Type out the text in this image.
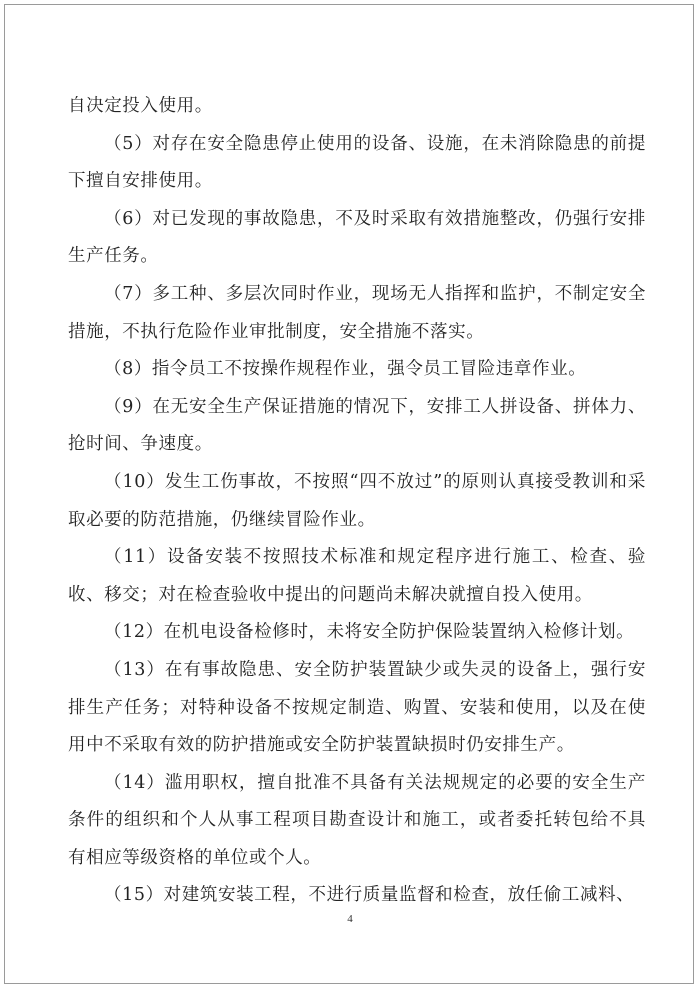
自决定投入使用。

（5）对存在安全隐患停止使用的设备、设施，在未消除隐患的前提下擅自安排使用。

（6）对已发现的事故隐患，不及时采取有效措施整改，仍强行安排生产任务。

（7）多工种、多层次同时作业，现场无人指挥和监护，不制定安全措施，不执行危险作业审批制度，安全措施不落实。

（8）指令员工不按操作规程作业，强令员工冒险违章作业。

（9）在无安全生产保证措施的情况下，安排工人拼设备、拼体力、抢时间、争速度。

（10）发生工伤事故，不按照“四不放过”的原则认真接受教训和采取必要的防范措施，仍继续冒险作业。

（11）设备安装不按照技术标准和规定程序进行施工、检查、验收、移交；对在检查验收中提出的问题尚未解决就擅自投入使用。

（12）在机电设备检修时，未将安全防护保险装置纳入检修计划。

（13）在有事故隐患、安全防护装置缺少或失灵的设备上，强行安排生产任务；对特种设备不按规定制造、购置、安装和使用，以及在使用中不采取有效的防护措施或安全防护装置缺损时仍安排生产。

（14）滥用职权，擅自批准不具备有关法规规定的必要的安全生产条件的组织和个人从事工程项目勘查设计和施工，或者委托转包给不具有相应等级资格的单位或个人。

（15）对建筑安装工程，不进行质量监督和检查，放任偷工减料、

4
